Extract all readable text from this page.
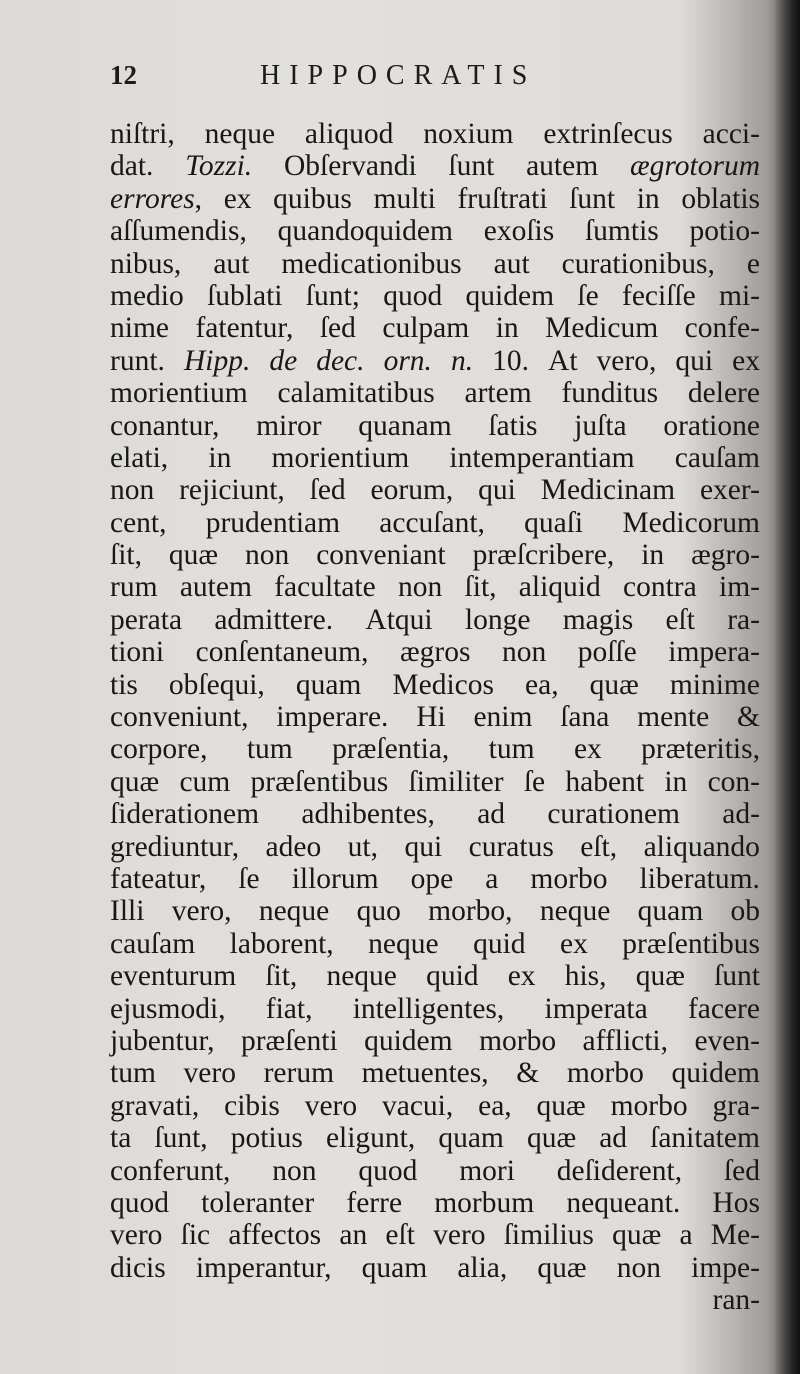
12	HIPPOCRATIS
niſtri, neque aliquod noxium extrinſecus acci-
dat. Tozzi. Obſervandi ſunt autem ægrotorum
errores, ex quibus multi fruſtrati ſunt in oblatis
aſſumendis, quandoquidem exoſis ſumtis potio-
nibus, aut medicationibus aut curationibus, e
medio ſublati ſunt; quod quidem ſe feciſſe mi-
nime fatentur, ſed culpam in Medicum confe-
runt. Hipp. de dec. orn. n. 10. At vero, qui ex
morientium calamitatibus artem funditus delere
conantur, miror quanam ſatis juſta oratione
elati, in morientium intemperantiam cauſam
non rejiciunt, ſed eorum, qui Medicinam exer-
cent, prudentiam accuſant, quaſi Medicorum
ſit, quæ non conveniant præſcribere, in ægro-
rum autem facultate non ſit, aliquid contra im-
perata admittere. Atqui longe magis eſt ra-
tioni conſentaneum, ægros non poſſe impera-
tis obſequi, quam Medicos ea, quæ minime
conveniunt, imperare. Hi enim ſana mente &
corpore, tum præſentia, tum ex præteritis,
quæ cum præſentibus ſimiliter ſe habent in con-
ſiderationem adhibentes, ad curationem ad-
grediuntur, adeo ut, qui curatus eſt, aliquando
fateatur, ſe illorum ope a morbo liberatum.
Illi vero, neque quo morbo, neque quam ob
cauſam laborent, neque quid ex præſentibus
eventurum ſit, neque quid ex his, quæ ſunt
ejusmodi, fiat, intelligentes, imperata facere
jubentur, præſenti quidem morbo afflicti, even-
tum vero rerum metuentes, & morbo quidem
gravati, cibis vero vacui, ea, quæ morbo gra-
ta ſunt, potius eligunt, quam quæ ad ſanitatem
conferunt, non quod mori deſiderent, ſed
quod toleranter ferre morbum nequeant. Hos
vero ſic affectos an eſt vero ſimilius quæ a Me-
dicis imperantur, quam alia, quæ non impe-
ran-
